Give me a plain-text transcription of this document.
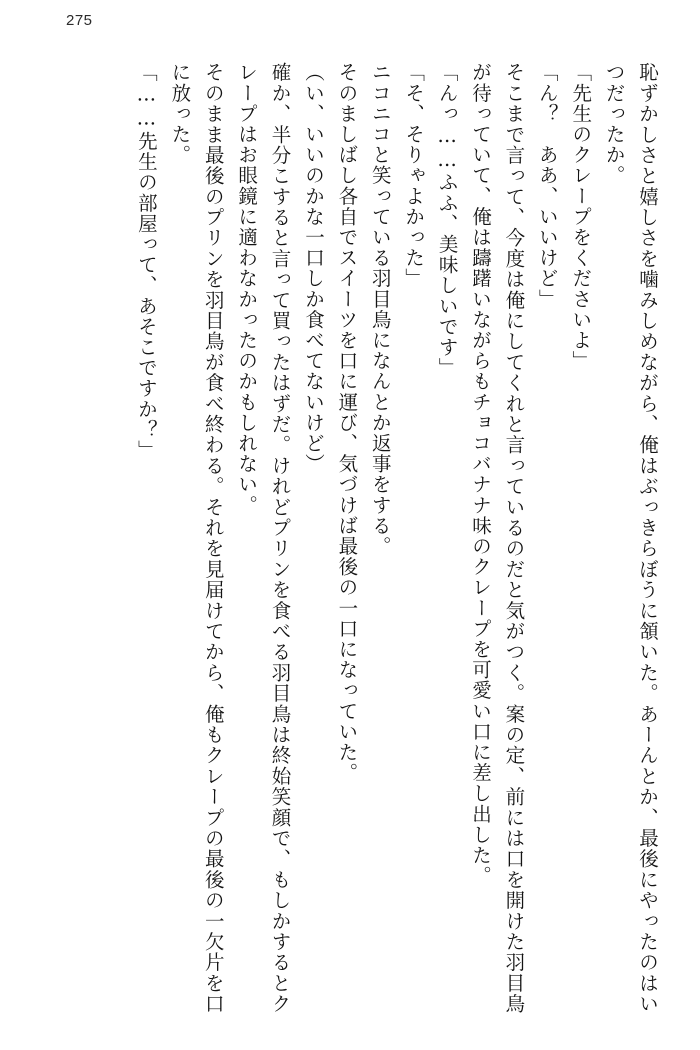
275

恥ずかしさと嬉しさを噛みしめながら、俺はぶっきらぼうに頷いた。あーんとか、最後にやったのはいつだったか。

「先生のクレープをくださいよ」

「ん？　ああ、いいけど」

そこまで言って、今度は俺にしてくれと言っているのだと気がつく。案の定、前には口を開けた羽目鳥が待っていて、俺は躊躇いながらもチョコバナナ味のクレープを可愛い口に差し出した。

「んっ……ふふ、美味しいです」

「そ、そりゃよかった」

ニコニコと笑っている羽目鳥になんとか返事をする。

そのましばし各自でスイーツを口に運び、気づけば最後の一口になっていた。

（い、いいのかな一口しか食べてないけど）

確か、半分こすると言って買ったはずだ。けれどプリンを食べる羽目鳥は終始笑顔で、もしかするとクレープはお眼鏡に適わなかったのかもしれない。

そのまま最後のプリンを羽目鳥が食べ終わる。それを見届けてから、俺もクレープの最後の一欠片を口に放った。

「……先生の部屋って、あそこですか？」
